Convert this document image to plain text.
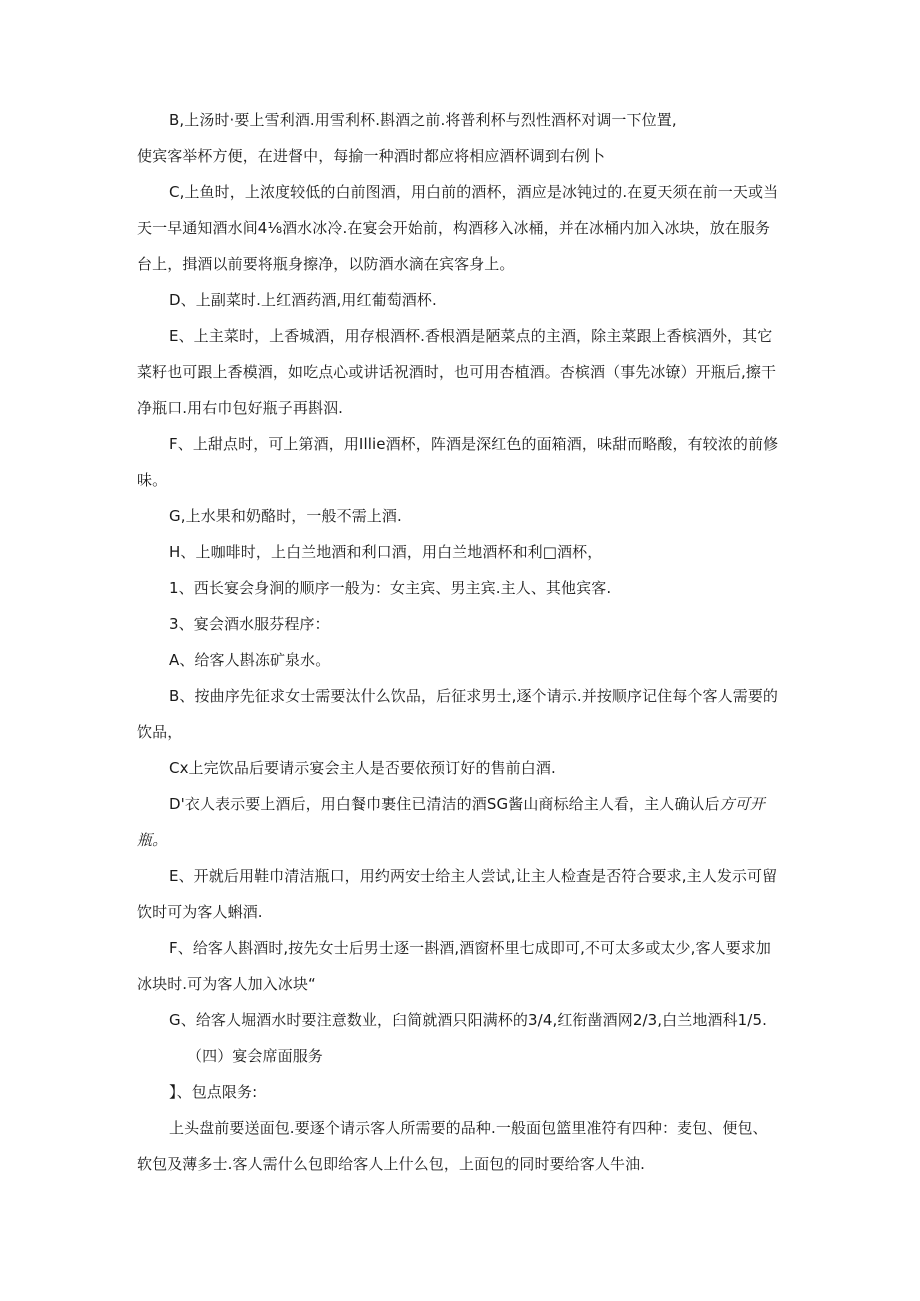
B,上汤时·要上雪利酒.用雪利杯.斟酒之前.将普利杯与烈性酒杯对调一下位置,
使宾客举杯方便，在进督中，每揄一种酒时都应将相应酒杯调到右例卜

C,上鱼时，上浓度较低的白前图酒，用白前的酒杯，酒应是冰钝过的.在夏天须在前一天或当
天一早通知酒水间4⅛酒水冰冷.在宴会开始前，构酒移入冰桶，并在冰桶内加入冰块，放在服务
台上，揖酒以前要将瓶身擦净，以防酒水滴在宾客身上。

D、上副菜时.上红酒药酒,用红葡萄酒杯.

E、上主菜时，上香城酒，用存根酒杯.香根酒是陋菜点的主酒，除主菜跟上香槟酒外，其它
菜籽也可跟上香模酒，如吃点心或讲话祝酒时，也可用杏植酒。杏槟酒（事先冰镣）开瓶后,擦干
净瓶口.用右巾包好瓶子再斟泅.

F、上甜点时，可上第酒，用Illie酒杯，阵酒是深红色的面箱酒，味甜而略酸，有较浓的前修
味。

G,上水果和奶酪时，一般不需上酒.

H、上咖啡时，上白兰地酒和利口酒，用白兰地酒杯和利□酒杯，

1、西长宴会身涧的顺序一般为：女主宾、男主宾.主人、其他宾客.

3、宴会酒水服芬程序：

A、给客人斟冻矿泉水。

B、按曲序先征求女士需要汰什么饮品，后征求男士,逐个请示.并按顺序记住每个客人需要的
饮品，

Cx上完饮品后要请示宴会主人是否要依预订好的售前白酒.

D'衣人表示要上酒后，用白餐巾裹住已清洁的酒SG酱山商标给主人看，主人确认后方可开
瓶。

E、开就后用鞋巾清洁瓶口，用约两安士给主人尝试,让主人检查是否符合要求,主人发示可留
饮时可为客人蝌酒.

F、给客人斟酒时,按先女士后男士逐一斟酒,酒窗杯里七成即可,不可太多或太少,客人要求加
冰块时.可为客人加入冰块“

G、给客人堀酒水时要注意数业，臼简就酒只阳满杯的3/4,红衔凿酒网2/3,白兰地酒科1/5.

（四）宴会席面服务

】、包点限务:

上头盘前要送面包.要逐个请示客人所需要的品种.一般面包篮里准符有四种：麦包、便包、
软包及薄多士.客人需什么包即给客人上什么包，上面包的同时要给客人牛油.
